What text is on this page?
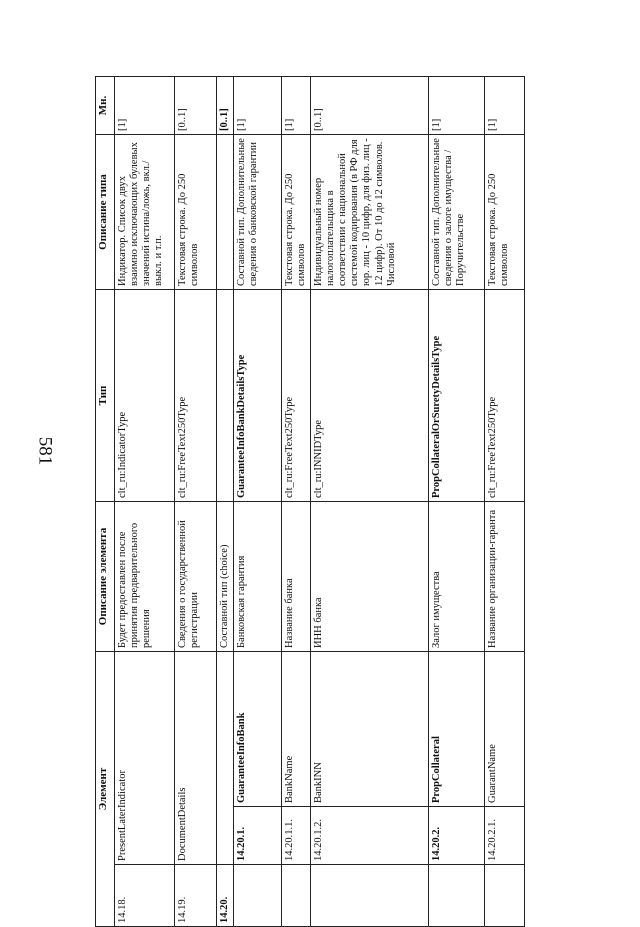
581
Элемент			Описание элемента	Тип	Описание типа	Мн.
14.18.	PresentLaterIndicator		Будет предоставлен после принятия предварительного решения	clt_ru:IndicatorType	Индикатор. Список двух взаимно исключающих булевых значений истина/ложь, вкл./выкл. и т.п.	[1]
14.19.	DocumentDetails		Сведения о государственной регистрации	clt_ru:FreeText250Type	Текстовая строка. До 250 символов	[0..1]
14.20.			Составной тип (choice)			[0..1]
	14.20.1.	GuaranteeInfoBank	Банковская гарантия	GuaranteeInfoBankDetailsType	Составной тип. Дополнительные сведения о банковской гарантии	[1]
	14.20.1.1.	BankName	Название банка	clt_ru:FreeText250Type	Текстовая строка. До 250 символов	[1]
	14.20.1.2.	BankINN	ИНН банка	clt_ru:INNIDType	Индивидуальный номер налогоплательщика в соответствии с национальной системой кодирования (в РФ для юр. лиц - 10 цифр, для физ. лиц - 12 цифр). От 10 до 12 символов. Числовой	[0..1]
	14.20.2.	PropCollateral	Залог имущества	PropCollateralOrSuretyDetailsType	Составной тип. Дополнительные сведения о залоге имущества / Поручительстве	[1]
	14.20.2.1.	GuarantName	Название организации-гаранта	clt_ru:FreeText250Type	Текстовая строка. До 250 символов	[1]
